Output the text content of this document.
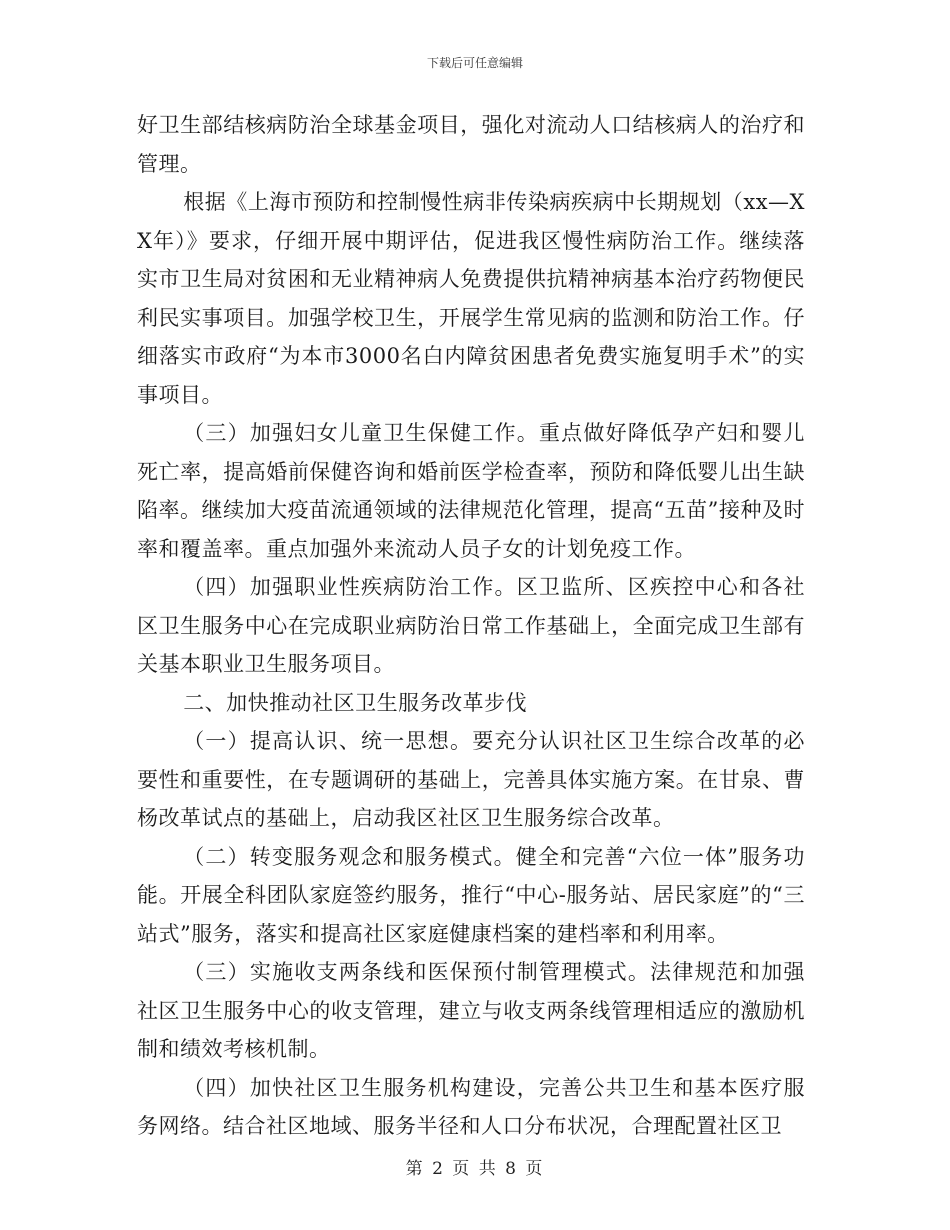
下载后可任意编辑

好卫生部结核病防治全球基金项目，强化对流动人口结核病人的治疗和管理。

根据《上海市预防和控制慢性病非传染病疾病中长期规划（xx—XX年）》要求，仔细开展中期评估，促进我区慢性病防治工作。继续落实市卫生局对贫困和无业精神病人免费提供抗精神病基本治疗药物便民利民实事项目。加强学校卫生，开展学生常见病的监测和防治工作。仔细落实市政府“为本市3000名白内障贫困患者免费实施复明手术”的实事项目。

（三）加强妇女儿童卫生保健工作。重点做好降低孕产妇和婴儿死亡率，提高婚前保健咨询和婚前医学检查率，预防和降低婴儿出生缺陷率。继续加大疫苗流通领域的法律规范化管理，提高“五苗”接种及时率和覆盖率。重点加强外来流动人员子女的计划免疫工作。

（四）加强职业性疾病防治工作。区卫监所、区疾控中心和各社区卫生服务中心在完成职业病防治日常工作基础上，全面完成卫生部有关基本职业卫生服务项目。

二、加快推动社区卫生服务改革步伐

（一）提高认识、统一思想。要充分认识社区卫生综合改革的必要性和重要性，在专题调研的基础上，完善具体实施方案。在甘泉、曹杨改革试点的基础上，启动我区社区卫生服务综合改革。

（二）转变服务观念和服务模式。健全和完善“六位一体”服务功能。开展全科团队家庭签约服务，推行“中心-服务站、居民家庭”的“三站式”服务，落实和提高社区家庭健康档案的建档率和利用率。

（三）实施收支两条线和医保预付制管理模式。法律规范和加强社区卫生服务中心的收支管理，建立与收支两条线管理相适应的激励机制和绩效考核机制。

（四）加快社区卫生服务机构建设，完善公共卫生和基本医疗服务网络。结合社区地域、服务半径和人口分布状况，合理配置社区卫

第 2 页 共 8 页
